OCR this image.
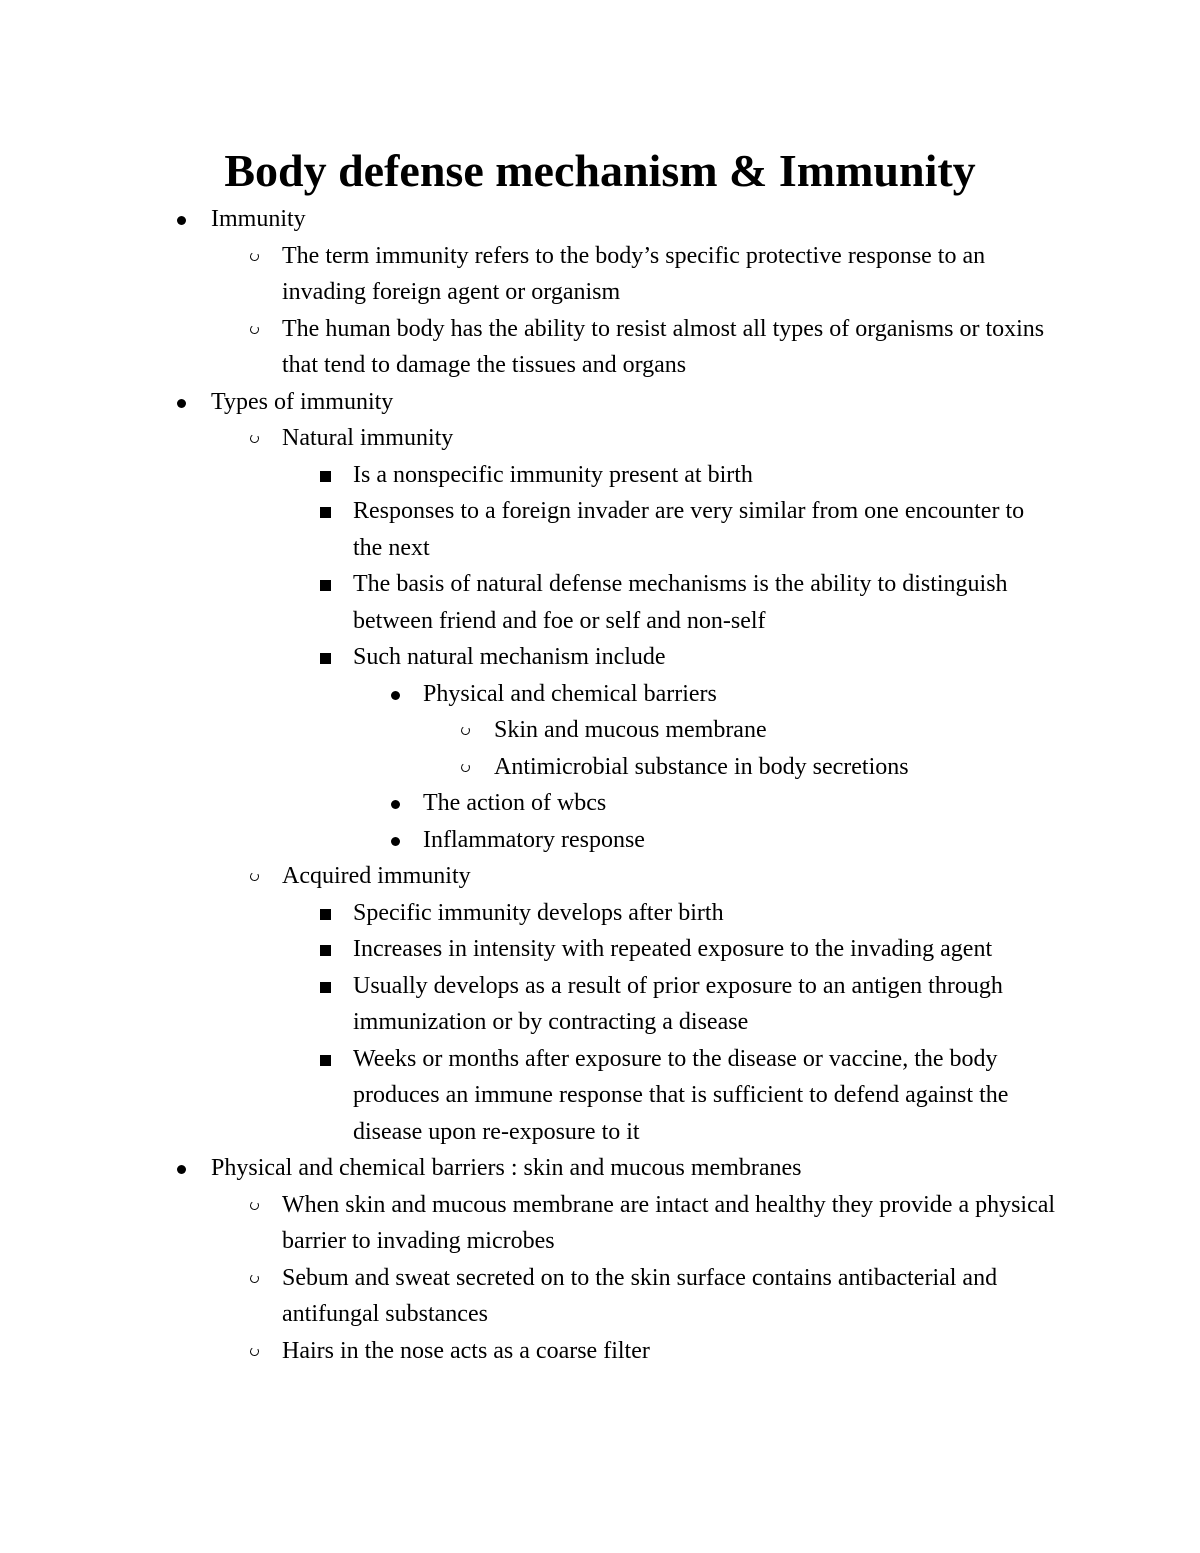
Body defense mechanism & Immunity
Immunity
The term immunity refers to the body’s specific protective response to an invading foreign agent or organism
The human body has the ability to resist almost all types of organisms or toxins that tend to damage the tissues and organs
Types of immunity
Natural immunity
Is a nonspecific immunity present at birth
Responses to a foreign invader are very similar from one encounter to the next
The basis of natural defense mechanisms is the ability to distinguish between friend and foe or self and non-self
Such natural mechanism include
Physical and chemical barriers
Skin and mucous membrane
Antimicrobial substance in body secretions
The action of wbcs
Inflammatory response
Acquired immunity
Specific immunity develops after birth
Increases in intensity with repeated exposure to the invading agent
Usually develops as a result of prior exposure to an antigen through immunization or by contracting a disease
Weeks or months after exposure to the disease or vaccine, the body produces an immune response that is sufficient to defend against the disease upon re-exposure to it
Physical and chemical barriers : skin and mucous membranes
When skin and mucous membrane are intact and healthy they provide a physical barrier to invading microbes
Sebum and sweat secreted on to the skin surface contains antibacterial and antifungal substances
Hairs in the nose acts as a coarse filter
